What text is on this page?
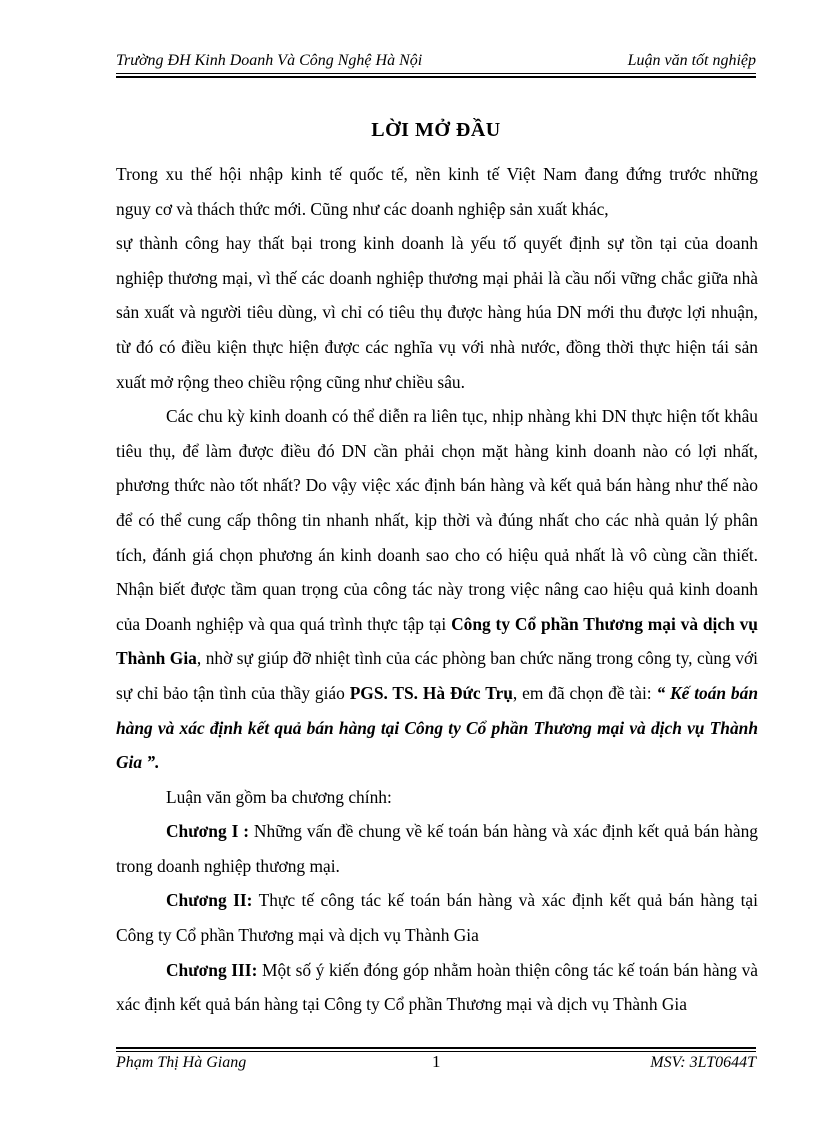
Trường ĐH Kinh Doanh Và Công Nghệ Hà Nội	Luận văn tốt nghiệp
LỜI MỞ ĐẦU

Trong xu thế hội nhập kinh tế quốc tế, nền kinh tế Việt Nam đang đứng trước những

nguy cơ và thách thức mới. Cũng như các doanh nghiệp sản xuất khác,

sự thành công hay thất bại trong kinh doanh là yếu tố quyết định sự tồn tại của doanh nghiệp thương mại, vì thế các doanh nghiệp thương mại phải là cầu nối vững chắc giữa nhà sản xuất và người tiêu dùng, vì chỉ có tiêu thụ được hàng húa DN mới thu được lợi nhuận, từ đó có điều kiện thực hiện được các nghĩa vụ với nhà nước, đồng thời thực hiện tái sản xuất mở rộng theo chiều rộng cũng như chiều sâu.

Các chu kỳ kinh doanh có thể diễn ra liên tục, nhịp nhàng khi DN thực hiện tốt khâu tiêu thụ, để làm được điều đó DN cần phải chọn mặt hàng kinh doanh nào có lợi nhất, phương thức nào tốt nhất? Do vậy việc xác định bán hàng và kết quả bán hàng như thế nào để có thể cung cấp thông tin nhanh nhất, kịp thời và đúng nhất cho các nhà quản lý phân tích, đánh giá chọn phương án kinh doanh sao cho có hiệu quả nhất là vô cùng cần thiết. Nhận biết được tầm quan trọng của công tác này trong việc nâng cao hiệu quả kinh doanh của Doanh nghiệp và qua quá trình thực tập tại Công ty Cổ phần Thương mại và dịch vụ Thành Gia, nhờ sự giúp đỡ nhiệt tình của các phòng ban chức năng trong công ty, cùng với sự chỉ bảo tận tình của thầy giáo PGS. TS. Hà Đức Trụ, em đã chọn đề tài: “ Kế toán bán hàng và xác định kết quả bán hàng tại Công ty Cổ phần Thương mại và dịch vụ Thành Gia ”.

Luận văn gồm ba chương chính:

Chương I : Những vấn đề chung về kế toán bán hàng và xác định kết quả bán hàng trong doanh nghiệp thương mại.

Chương II: Thực tế công tác kế toán bán hàng và xác định kết quả bán hàng tại Công ty Cổ phần Thương mại và dịch vụ Thành Gia

Chương III: Một số ý kiến đóng góp nhằm hoàn thiện công tác kế toán bán hàng và xác định kết quả bán hàng tại Công ty Cổ phần Thương mại và dịch vụ Thành Gia

Phạm Thị Hà Giang	1	MSV: 3LT0644T
